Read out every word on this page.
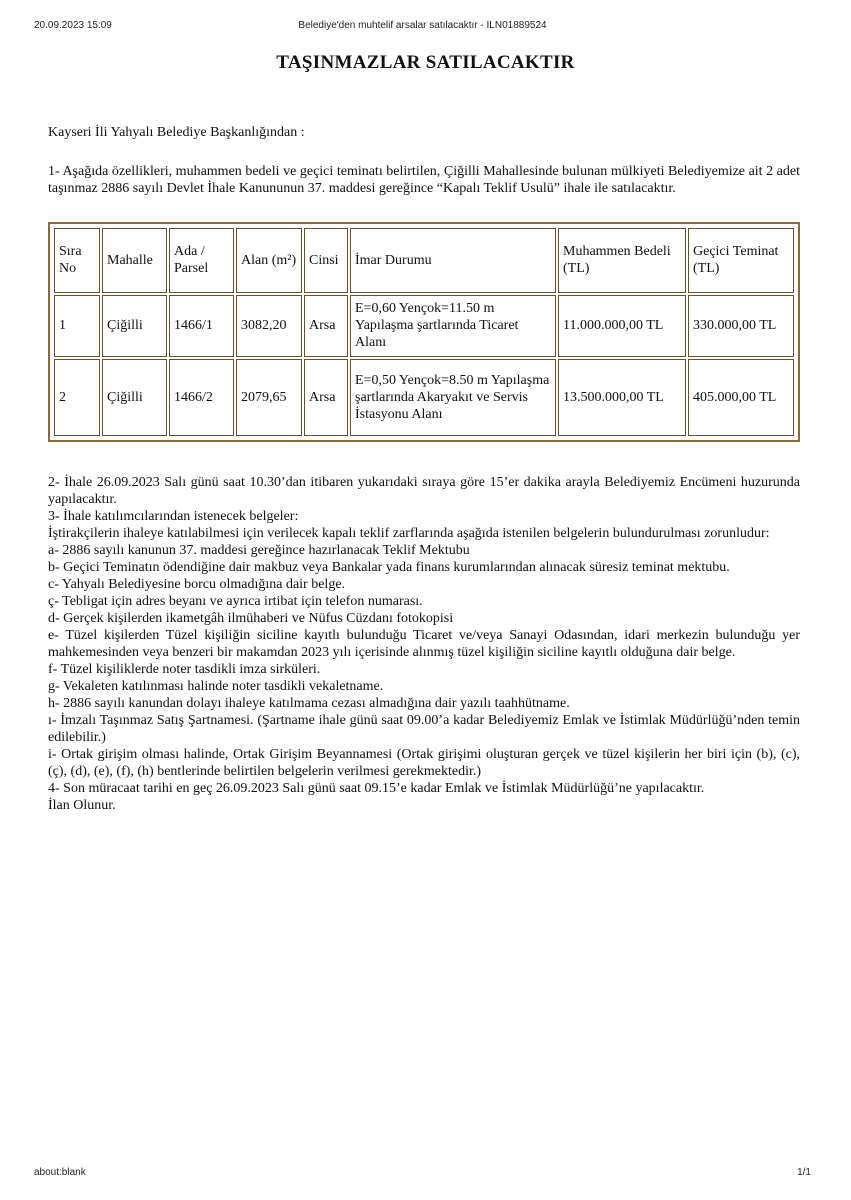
20.09.2023 15:09	Belediye'den muhtelif arsalar satılacaktır - ILN01889524
TAŞINMAZLAR SATILACAKTIR
Kayseri İli Yahyalı Belediye Başkanlığından :

1- Aşağıda özellikleri, muhammen bedeli ve geçici teminatı belirtilen, Çiğilli Mahallesinde bulunan mülkiyeti Belediyemize ait 2 adet taşınmaz 2886 sayılı Devlet İhale Kanununun 37. maddesi gereğince “Kapalı Teklif Usulü” ihale ile satılacaktır.

Sıra No	Mahalle	Ada / Parsel	Alan (m²)	Cinsi	İmar Durumu	Muhammen Bedeli (TL)	Geçici Teminat (TL)
1	Çiğilli	1466/1	3082,20	Arsa	E=0,60 Yençok=11.50 m Yapılaşma şartlarında Ticaret Alanı	11.000.000,00 TL	330.000,00 TL
2	Çiğilli	1466/2	2079,65	Arsa	E=0,50 Yençok=8.50 m Yapılaşma şartlarında Akaryakıt ve Servis İstasyonu Alanı	13.500.000,00 TL	405.000,00 TL

2- İhale 26.09.2023 Salı günü saat 10.30’dan itibaren yukarıdaki sıraya göre 15’er dakika arayla Belediyemiz Encümeni huzurunda yapılacaktır.

3- İhale katılımcılarından istenecek belgeler:

İştirakçilerin ihaleye katılabilmesi için verilecek kapalı teklif zarflarında aşağıda istenilen belgelerin bulundurulması zorunludur:

a- 2886 sayılı kanunun 37. maddesi gereğince hazırlanacak Teklif Mektubu

b- Geçici Teminatın ödendiğine dair makbuz veya Bankalar yada finans kurumlarından alınacak süresiz teminat mektubu.

c- Yahyalı Belediyesine borcu olmadığına dair belge.

ç- Tebligat için adres beyanı ve ayrıca irtibat için telefon numarası.

d- Gerçek kişilerden ikametgâh ilmühaberi ve Nüfus Cüzdanı fotokopisi

e- Tüzel kişilerden Tüzel kişiliğin siciline kayıtlı bulunduğu Ticaret ve/veya Sanayi Odasından, idari merkezin bulunduğu yer mahkemesinden veya benzeri bir makamdan 2023 yılı içerisinde alınmış tüzel kişiliğin siciline kayıtlı olduğuna dair belge.

f- Tüzel kişiliklerde noter tasdikli imza sirküleri.

g- Vekaleten katılınması halinde noter tasdikli vekaletname.

h- 2886 sayılı kanundan dolayı ihaleye katılmama cezası almadığına dair yazılı taahhütname.

ı- İmzalı Taşınmaz Satış Şartnamesi. (Şartname ihale günü saat 09.00’a kadar Belediyemiz Emlak ve İstimlak Müdürlüğü’nden temin edilebilir.)

i- Ortak girişim olması halinde, Ortak Girişim Beyannamesi (Ortak girişimi oluşturan gerçek ve tüzel kişilerin her biri için (b), (c), (ç), (d), (e), (f), (h) bentlerinde belirtilen belgelerin verilmesi gerekmektedir.)

4- Son müracaat tarihi en geç 26.09.2023 Salı günü saat 09.15’e kadar Emlak ve İstimlak Müdürlüğü’ne yapılacaktır.

İlan Olunur.

about:blank	1/1
